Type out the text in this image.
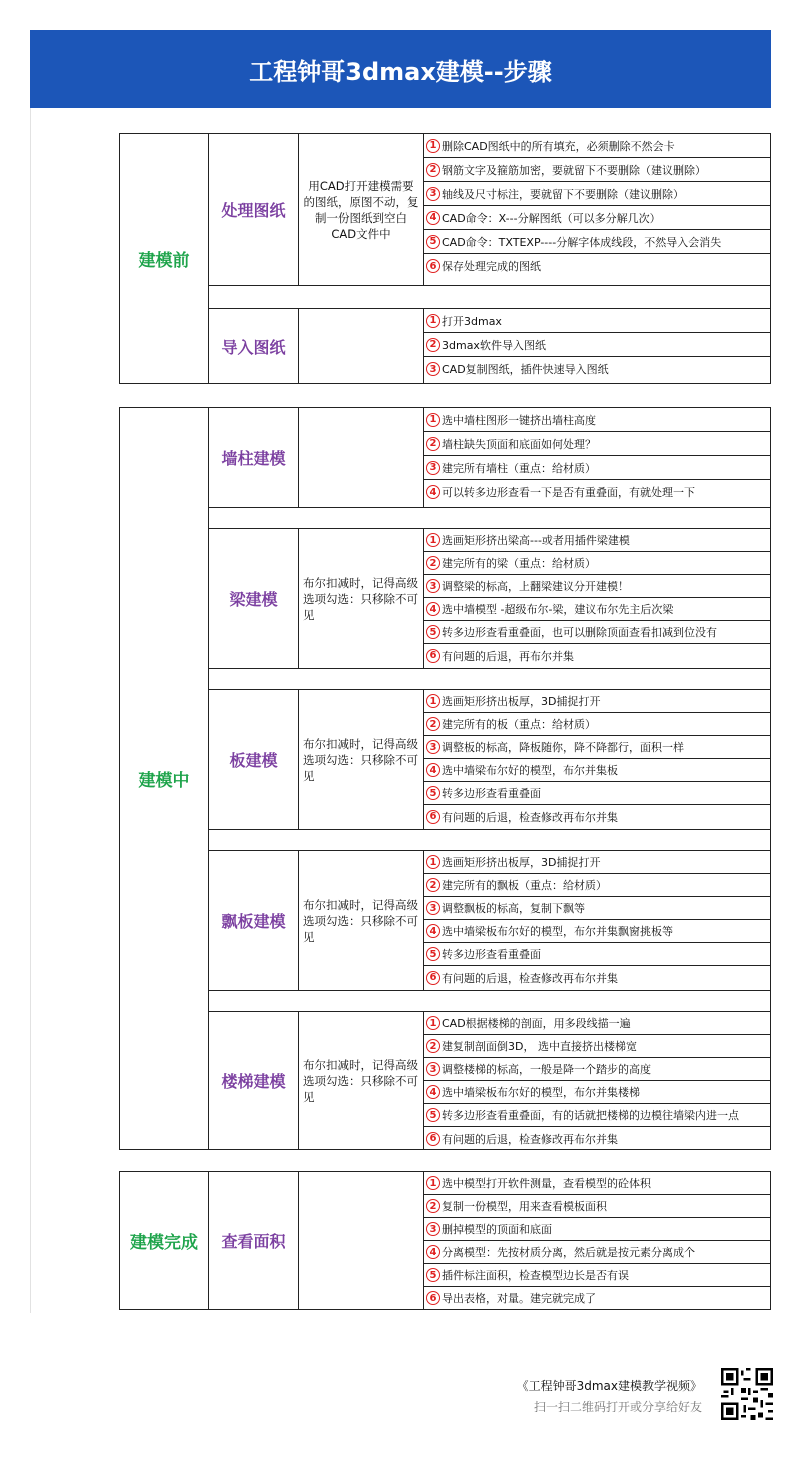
工程钟哥3dmax建模--步骤
建模前
处理图纸
用CAD打开建模需要的图纸，原图不动，复制一份图纸到空白CAD文件中
1 删除CAD图纸中的所有填充，必须删除不然会卡
2 钢筋文字及箍筋加密，要就留下不要删除（建议删除）
3 轴线及尺寸标注，要就留下不要删除（建议删除）
4 CAD命令：X---分解图纸（可以多分解几次）
5 CAD命令：TXTEXP----分解字体成线段，不然导入会消失
6 保存处理完成的图纸
导入图纸
1 打开3dmax
2 3dmax软件导入图纸
3 CAD复制图纸，插件快速导入图纸
建模中
墙柱建模
1 选中墙柱图形一键挤出墙柱高度
2 墙柱缺失顶面和底面如何处理？
3 建完所有墙柱（重点：给材质）
4 可以转多边形查看一下是否有重叠面，有就处理一下
梁建模
布尔扣减时，记得高级选项勾选：只移除不可见
1 选画矩形挤出梁高---或者用插件梁建模
2 建完所有的梁（重点：给材质）
3 调整梁的标高，上翻梁建议分开建模！
4 选中墙模型 -超级布尔-梁，建议布尔先主后次梁
5 转多边形查看重叠面，也可以删除顶面查看扣减到位没有
6 有问题的后退，再布尔并集
板建模
布尔扣减时，记得高级选项勾选：只移除不可见
1 选画矩形挤出板厚，3D捕捉打开
2 建完所有的板（重点：给材质）
3 调整板的标高，降板随你，降不降都行，面积一样
4 选中墙梁布尔好的模型，布尔并集板
5 转多边形查看重叠面
6 有问题的后退，检查修改再布尔并集
飘板建模
布尔扣减时，记得高级选项勾选：只移除不可见
1 选画矩形挤出板厚，3D捕捉打开
2 建完所有的飘板（重点：给材质）
3 调整飘板的标高，复制下飘等
4 选中墙梁板布尔好的模型，布尔并集飘窗挑板等
5 转多边形查看重叠面
6 有问题的后退，检查修改再布尔并集
楼梯建模
布尔扣减时，记得高级选项勾选：只移除不可见
1 CAD根据楼梯的剖面，用多段线描一遍
2 建复制剖面倒3D， 选中直接挤出楼梯宽
3 调整楼梯的标高，一般是降一个踏步的高度
4 选中墙梁板布尔好的模型，布尔并集楼梯
5 转多边形查看重叠面，有的话就把楼梯的边模往墙梁内进一点
6 有问题的后退，检查修改再布尔并集
建模完成	查看面积
1 选中模型打开软件测量，查看模型的砼体积
2 复制一份模型，用来查看模板面积
3 删掉模型的顶面和底面
4 分离模型：先按材质分离，然后就是按元素分离成个
5 插件标注面积，检查模型边长是否有误
6 导出表格，对量。建完就完成了
《工程钟哥3dmax建模教学视频》
扫一扫二维码打开或分享给好友
